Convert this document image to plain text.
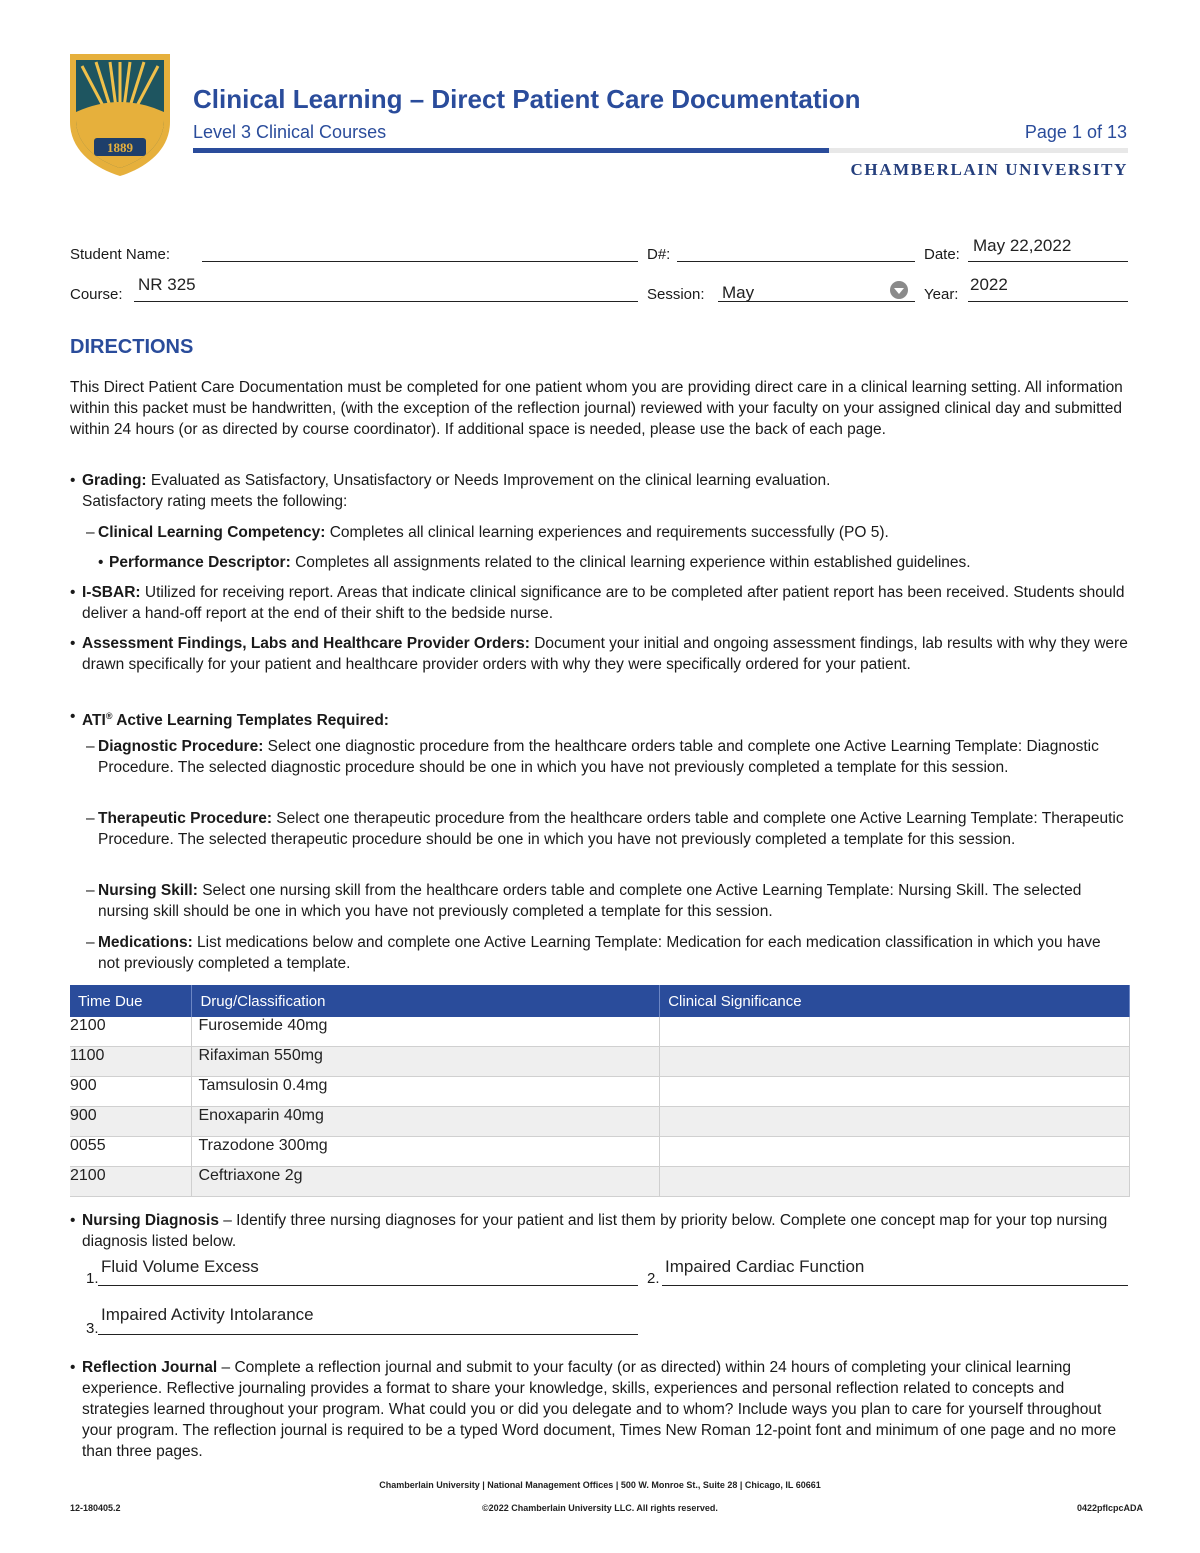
1889
Clinical Learning – Direct Patient Care Documentation
Level 3 Clinical Courses	Page 1 of 13
CHAMBERLAIN UNIVERSITY
Student Name:	D#:	Date: May 22,2022
Course:
NR 325
Session: May	Year:
2022
DIRECTIONS
This Direct Patient Care Documentation must be completed for one patient whom you are providing direct care in a clinical learning setting. All information within this packet must be handwritten, (with the exception of the reflection journal) reviewed with your faculty on your assigned clinical day and submitted within 24 hours (or as directed by course coordinator). If additional space is needed, please use the back of each page.
• Grading: Evaluated as Satisfactory, Unsatisfactory or Needs Improvement on the clinical learning evaluation.
Satisfactory rating meets the following:
– Clinical Learning Competency: Completes all clinical learning experiences and requirements successfully (PO 5).
• Performance Descriptor: Completes all assignments related to the clinical learning experience within established guidelines.
• I-SBAR: Utilized for receiving report. Areas that indicate clinical significance are to be completed after patient report has been received. Students should deliver a hand-off report at the end of their shift to the bedside nurse.
• Assessment Findings, Labs and Healthcare Provider Orders: Document your initial and ongoing assessment findings, lab results with why they were drawn specifically for your patient and healthcare provider orders with why they were specifically ordered for your patient.
• ATI® Active Learning Templates Required:
– Diagnostic Procedure: Select one diagnostic procedure from the healthcare orders table and complete one Active Learning Template: Diagnostic Procedure. The selected diagnostic procedure should be one in which you have not previously completed a template for this session.
– Therapeutic Procedure: Select one therapeutic procedure from the healthcare orders table and complete one Active Learning Template: Therapeutic Procedure. The selected therapeutic procedure should be one in which you have not previously completed a template for this session.
– Nursing Skill: Select one nursing skill from the healthcare orders table and complete one Active Learning Template: Nursing Skill. The selected nursing skill should be one in which you have not previously completed a template for this session.
– Medications: List medications below and complete one Active Learning Template: Medication for each medication classification in which you have not previously completed a template.
Time Due	Drug/Classification	Clinical Significance
2100	Furosemide 40mg	
1100	Rifaximan 550mg	
900	Tamsulosin 0.4mg	
900	Enoxaparin 40mg	
0055	Trazodone 300mg	
2100	Ceftriaxone 2g	
• Nursing Diagnosis – Identify three nursing diagnoses for your patient and list them by priority below. Complete one concept map for your top nursing diagnosis listed below.
1.
Fluid Volume Excess
2.
Impaired Cardiac Function
3.
Impaired Activity Intolarance
• Reflection Journal – Complete a reflection journal and submit to your faculty (or as directed) within 24 hours of completing your clinical learning experience. Reflective journaling provides a format to share your knowledge, skills, experiences and personal reflection related to concepts and strategies learned throughout your program. What could you or did you delegate and to whom? Include ways you plan to care for yourself throughout your program. The reflection journal is required to be a typed Word document, Times New Roman 12-point font and minimum of one page and no more than three pages.
Chamberlain University | National Management Offices | 500 W. Monroe St., Suite 28 | Chicago, IL 60661
©2022 Chamberlain University LLC. All rights reserved.
12-180405.2	0422pflcpcADA
